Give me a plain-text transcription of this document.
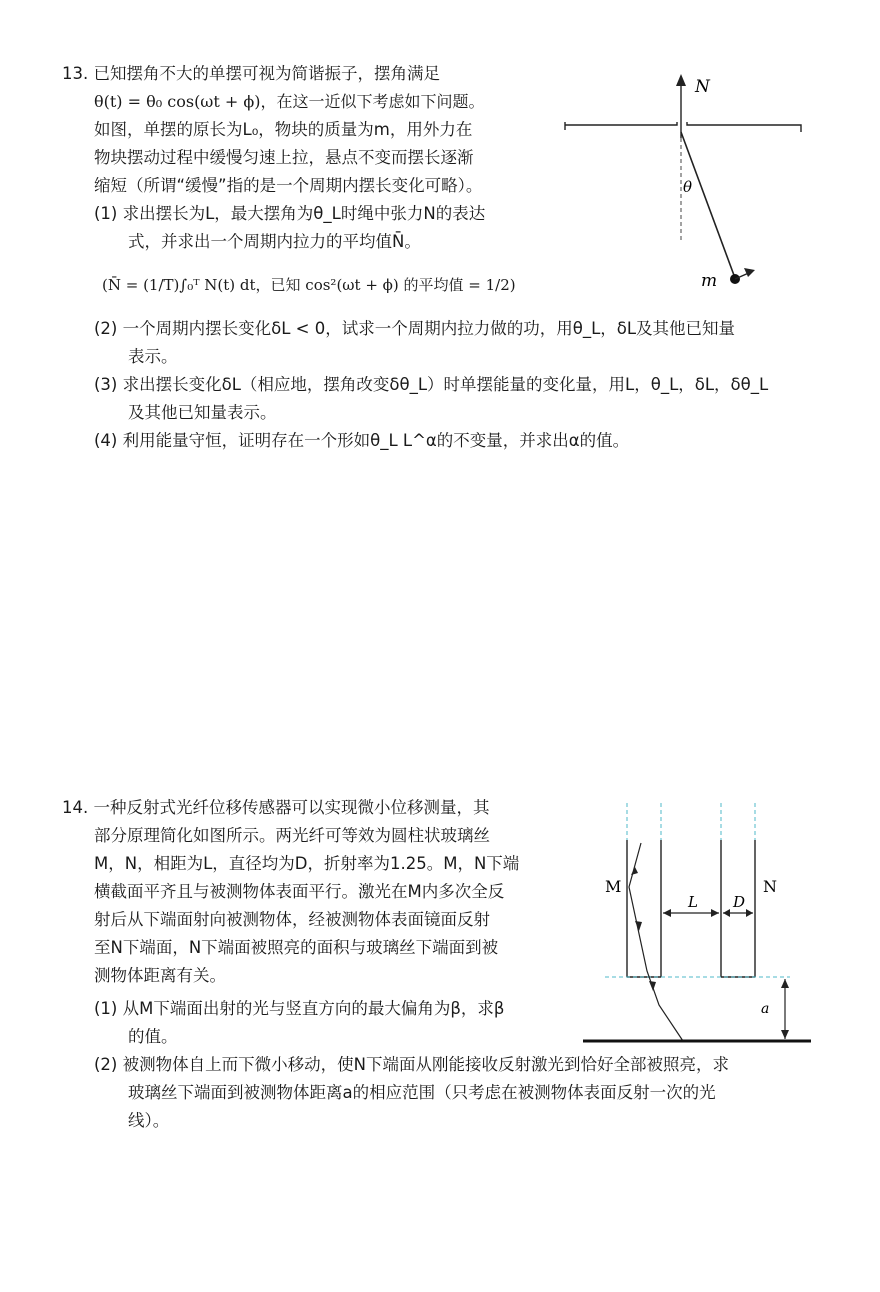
13. 已知摆角不大的单摆可视为简谐振子，摆角满足
θ(t) = θ₀ cos(ωt + ϕ)，在这一近似下考虑如下问题。
如图，单摆的原长为L₀，物块的质量为m，用外力在
物块摆动过程中缓慢匀速上拉，悬点不变而摆长逐渐
缩短（所谓“缓慢”指的是一个周期内摆长变化可略）。
(1) 求出摆长为L，最大摆角为θ_L时绳中张力N的表达
式，并求出一个周期内拉力的平均值N̄。
(N̄ = (1/T)∫₀ᵀ N(t) dt，已知 cos²(ωt + ϕ) 的平均值 = 1/2)
(2) 一个周期内摆长变化δL < 0，试求一个周期内拉力做的功，用θ_L，δL及其他已知量
表示。
(3) 求出摆长变化δL（相应地，摆角改变δθ_L）时单摆能量的变化量，用L，θ_L，δL，δθ_L
及其他已知量表示。
(4) 利用能量守恒，证明存在一个形如θ_L L^α的不变量，并求出α的值。
N
θ
m
14. 一种反射式光纤位移传感器可以实现微小位移测量，其
部分原理简化如图所示。两光纤可等效为圆柱状玻璃丝
M，N，相距为L，直径均为D，折射率为1.25。M，N下端
横截面平齐且与被测物体表面平行。激光在M内多次全反
射后从下端面射向被测物体，经被测物体表面镜面反射
至N下端面，N下端面被照亮的面积与玻璃丝下端面到被
测物体距离有关。
(1) 从M下端面出射的光与竖直方向的最大偏角为β，求β
的值。
(2) 被测物体自上而下微小移动，使N下端面从刚能接收反射激光到恰好全部被照亮，求
玻璃丝下端面到被测物体距离a的相应范围（只考虑在被测物体表面反射一次的光
线）。
M	N
L D
a
